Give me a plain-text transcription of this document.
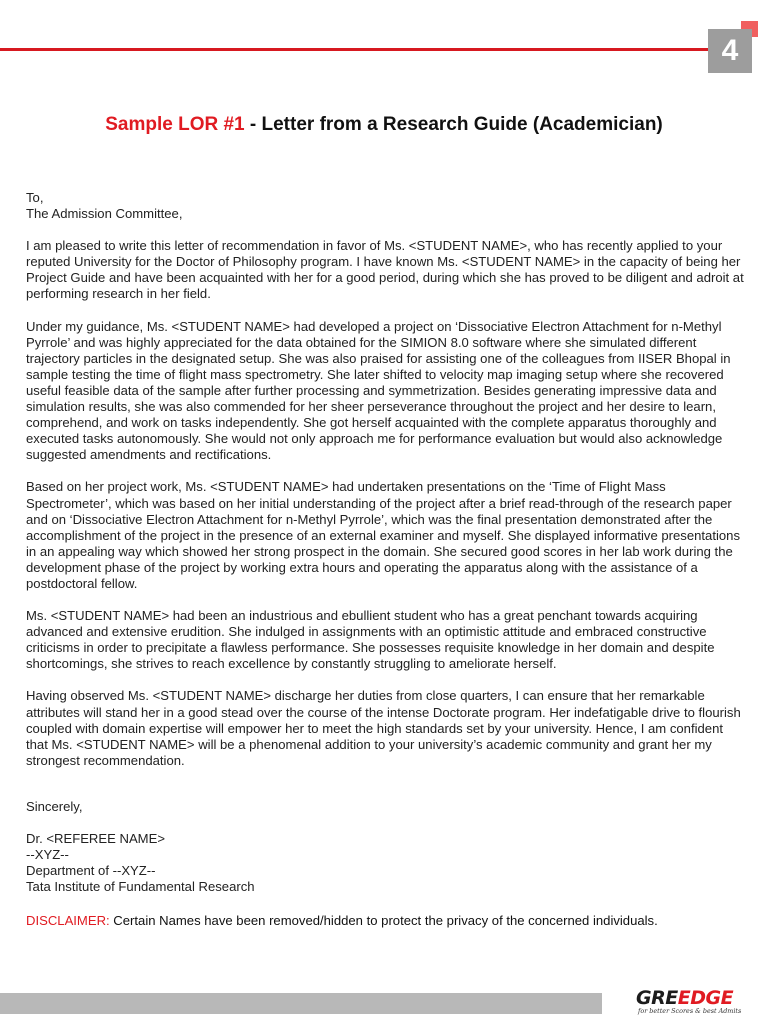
4
Sample LOR #1 - Letter from a Research Guide (Academician)

To,

The Admission Committee,

I am pleased to write this letter of recommendation in favor of Ms. <STUDENT NAME>, who has recently applied to your reputed University for the Doctor of Philosophy program. I have known Ms. <STUDENT NAME> in the capacity of being her Project Guide and have been acquainted with her for a good period, during which she has proved to be diligent and adroit at performing research in her field.

Under my guidance, Ms. <STUDENT NAME> had developed a project on ‘Dissociative Electron Attachment for n-Methyl Pyrrole’ and was highly appreciated for the data obtained for the SIMION 8.0 software where she simulated different trajectory particles in the designated setup. She was also praised for assisting one of the colleagues from IISER Bhopal in sample testing the time of flight mass spectrometry. She later shifted to velocity map imaging setup where she recovered useful feasible data of the sample after further processing and symmetrization. Besides generating impressive data and simulation results, she was also commended for her sheer perseverance throughout the project and her desire to learn, comprehend, and work on tasks independently. She got herself acquainted with the complete apparatus thoroughly and executed tasks autonomously. She would not only approach me for performance evaluation but would also acknowledge suggested amendments and rectifications.

Based on her project work, Ms. <STUDENT NAME> had undertaken presentations on the ‘Time of Flight Mass Spectrometer’, which was based on her initial understanding of the project after a brief read-through of the research paper and on ‘Dissociative Electron Attachment for n-Methyl Pyrrole’, which was the final presentation demonstrated after the accomplishment of the project in the presence of an external examiner and myself. She displayed informative presentations in an appealing way which showed her strong prospect in the domain. She secured good scores in her lab work during the development phase of the project by working extra hours and operating the apparatus along with the assistance of a postdoctoral fellow.

Ms. <STUDENT NAME> had been an industrious and ebullient student who has a great penchant towards acquiring advanced and extensive erudition. She indulged in assignments with an optimistic attitude and embraced constructive criticisms in order to precipitate a flawless performance. She possesses requisite knowledge in her domain and despite shortcomings, she strives to reach excellence by constantly struggling to ameliorate herself.

Having observed Ms. <STUDENT NAME> discharge her duties from close quarters, I can ensure that her remarkable attributes will stand her in a good stead over the course of the intense Doctorate program. Her indefatigable drive to flourish coupled with domain expertise will empower her to meet the high standards set by your university. Hence, I am confident that Ms. <STUDENT NAME> will be a phenomenal addition to your university’s academic community and grant her my strongest recommendation.

Sincerely,

Dr. <REFEREE NAME>

--XYZ--

Department of --XYZ--

Tata Institute of Fundamental Research

DISCLAIMER: Certain Names have been removed/hidden to protect the privacy of the concerned individuals.
GREEDGE
for better Scores & best Admits
